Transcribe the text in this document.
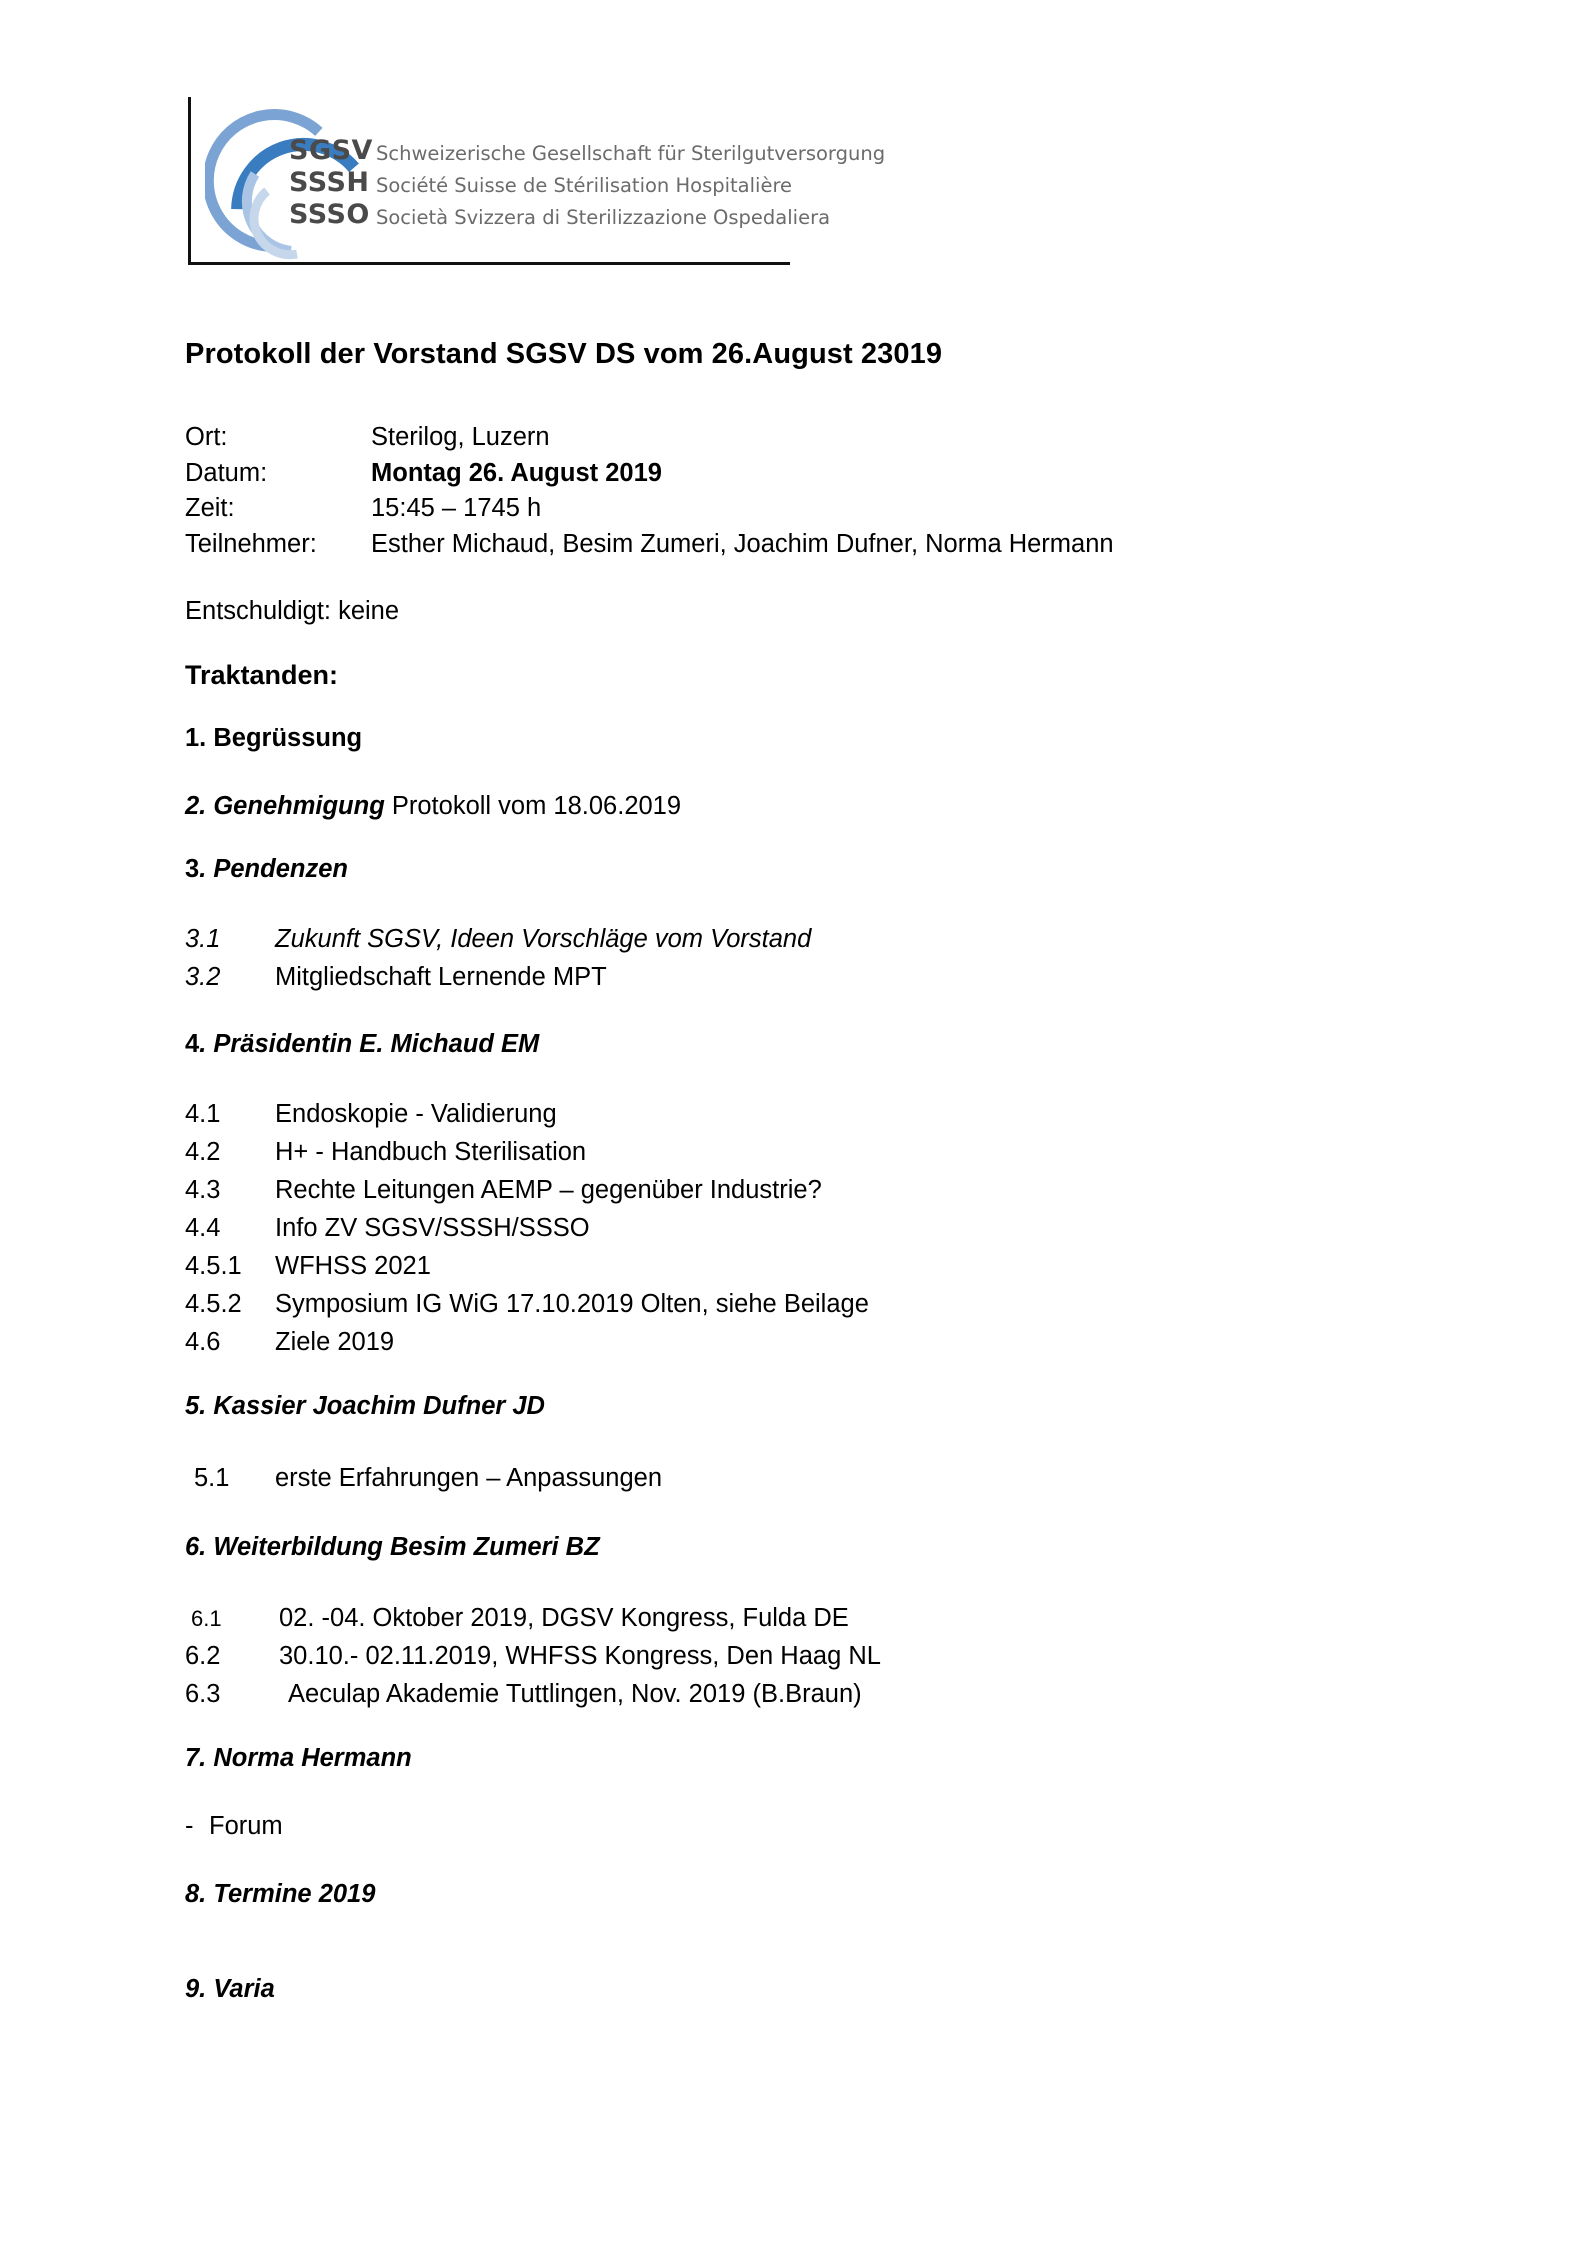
SGSV
SSSH
SSSO
Schweizerische Gesellschaft für Sterilgutversorgung
Société Suisse de Stérilisation Hospitalière
Società Svizzera di Sterilizzazione Ospedaliera
Protokoll der Vorstand SGSV DS vom 26.August 23019
Ort:	Sterilog, Luzern
Datum:	Montag 26. August 2019
Zeit:	15:45 – 1745 h
Teilnehmer:	Esther Michaud, Besim Zumeri, Joachim Dufner, Norma Hermann
Entschuldigt: keine
Traktanden:
1. Begrüssung
2. Genehmigung Protokoll vom 18.06.2019
3. Pendenzen
3.1 Zukunft SGSV, Ideen Vorschläge vom Vorstand
3.2 Mitgliedschaft Lernende MPT
4. Präsidentin E. Michaud EM
4.1 Endoskopie - Validierung
4.2 H+ - Handbuch Sterilisation
4.3 Rechte Leitungen AEMP – gegenüber Industrie?
4.4 Info ZV SGSV/SSSH/SSSO
4.5.1 WFHSS 2021
4.5.2 Symposium IG WiG 17.10.2019 Olten, siehe Beilage
4.6 Ziele 2019
5. Kassier Joachim Dufner JD
5.1 erste Erfahrungen – Anpassungen
6. Weiterbildung Besim Zumeri BZ
6.1 02. -04. Oktober 2019, DGSV Kongress, Fulda DE
6.2 30.10.- 02.11.2019, WHFSS Kongress, Den Haag NL
6.3	Aeculap Akademie Tuttlingen, Nov. 2019 (B.Braun)
7. Norma Hermann
- Forum
8. Termine 2019
9. Varia
